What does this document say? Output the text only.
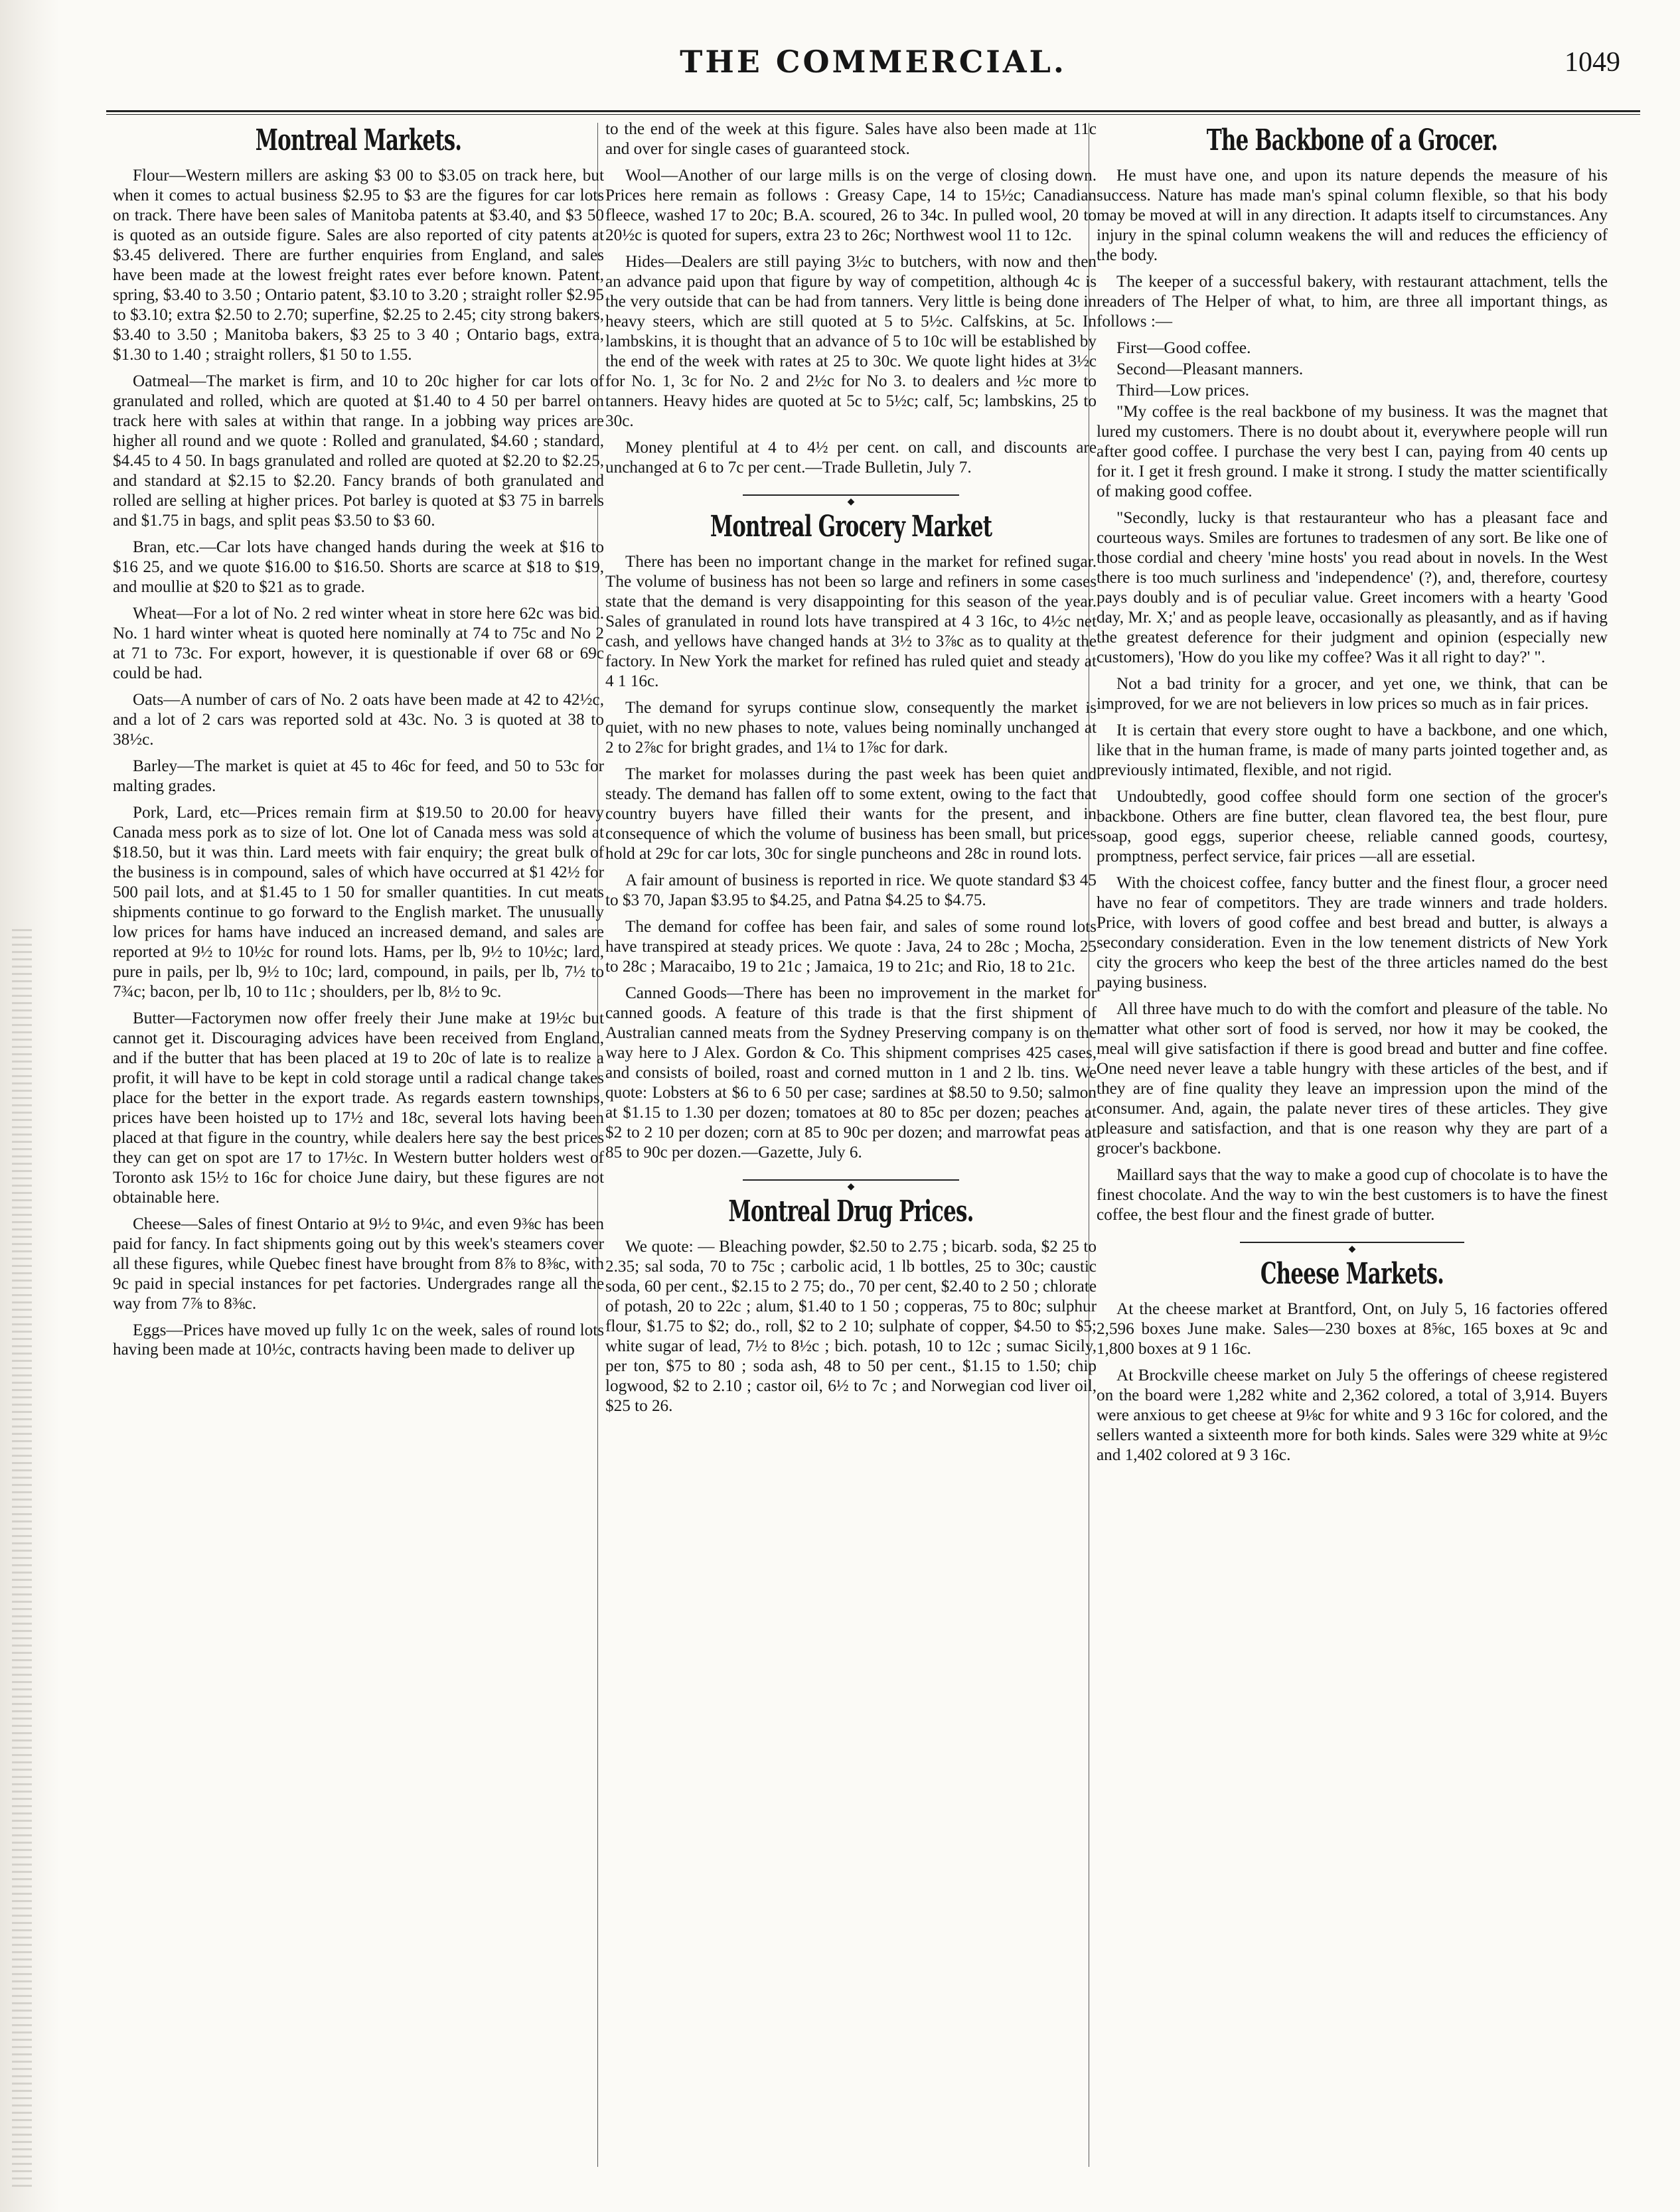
THE COMMERCIAL.	1049
Montreal Markets.

Flour—Western millers are asking $3 00 to $3.05 on track here, but when it comes to actual business $2.95 to $3 are the figures for car lots on track. There have been sales of Manitoba patents at $3.40, and $3 50 is quoted as an outside figure. Sales are also reported of city patents at $3.45 delivered. There are further enquiries from England, and sales have been made at the lowest freight rates ever before known. Patent, spring, $3.40 to 3.50 ; Ontario patent, $3.10 to 3.20 ; straight roller $2.95 to $3.10; extra $2.50 to 2.70; superfine, $2.25 to 2.45; city strong bakers, $3.40 to 3.50 ; Manitoba bakers, $3 25 to 3 40 ; Ontario bags, extra, $1.30 to 1.40 ; straight rollers, $1 50 to 1.55.

Oatmeal—The market is firm, and 10 to 20c higher for car lots of granulated and rolled, which are quoted at $1.40 to 4 50 per barrel on track here with sales at within that range. In a jobbing way prices are higher all round and we quote : Rolled and granulated, $4.60 ; standard, $4.45 to 4 50. In bags granulated and rolled are quoted at $2.20 to $2.25, and standard at $2.15 to $2.20. Fancy brands of both granulated and rolled are selling at higher prices. Pot barley is quoted at $3 75 in barrels and $1.75 in bags, and split peas $3.50 to $3 60.

Bran, etc.—Car lots have changed hands during the week at $16 to $16 25, and we quote $16.00 to $16.50. Shorts are scarce at $18 to $19, and moullie at $20 to $21 as to grade.

Wheat—For a lot of No. 2 red winter wheat in store here 62c was bid. No. 1 hard winter wheat is quoted here nominally at 74 to 75c and No 2 at 71 to 73c. For export, however, it is questionable if over 68 or 69c could be had.

Oats—A number of cars of No. 2 oats have been made at 42 to 42½c, and a lot of 2 cars was reported sold at 43c. No. 3 is quoted at 38 to 38½c.

Barley—The market is quiet at 45 to 46c for feed, and 50 to 53c for malting grades.

Pork, Lard, etc—Prices remain firm at $19.50 to 20.00 for heavy Canada mess pork as to size of lot. One lot of Canada mess was sold at $18.50, but it was thin. Lard meets with fair enquiry; the great bulk of the business is in compound, sales of which have occurred at $1 42½ for 500 pail lots, and at $1.45 to 1 50 for smaller quantities. In cut meats shipments continue to go forward to the English market. The unusually low prices for hams have induced an increased demand, and sales are reported at 9½ to 10½c for round lots. Hams, per lb, 9½ to 10½c; lard, pure in pails, per lb, 9½ to 10c; lard, compound, in pails, per lb, 7½ to 7¾c; bacon, per lb, 10 to 11c ; shoulders, per lb, 8½ to 9c.

Butter—Factorymen now offer freely their June make at 19½c but cannot get it. Discouraging advices have been received from England, and if the butter that has been placed at 19 to 20c of late is to realize a profit, it will have to be kept in cold storage until a radical change takes place for the better in the export trade. As regards eastern townships, prices have been hoisted up to 17½ and 18c, several lots having been placed at that figure in the country, while dealers here say the best prices they can get on spot are 17 to 17½c. In Western butter holders west of Toronto ask 15½ to 16c for choice June dairy, but these figures are not obtainable here.

Cheese—Sales of finest Ontario at 9½ to 9¼c, and even 9⅜c has been paid for fancy. In fact shipments going out by this week's steamers cover all these figures, while Quebec finest have brought from 8⅞ to 8⅜c, with 9c paid in special instances for pet factories. Undergrades range all the way from 7⅞ to 8⅜c.

Eggs—Prices have moved up fully 1c on the week, sales of round lots having been made at 10½c, contracts having been made to deliver up

to the end of the week at this figure. Sales have also been made at 11c and over for single cases of guaranteed stock.

Wool—Another of our large mills is on the verge of closing down. Prices here remain as follows : Greasy Cape, 14 to 15½c; Canadian fleece, washed 17 to 20c; B.A. scoured, 26 to 34c. In pulled wool, 20 to 20½c is quoted for supers, extra 23 to 26c; Northwest wool 11 to 12c.

Hides—Dealers are still paying 3½c to butchers, with now and then an advance paid upon that figure by way of competition, although 4c is the very outside that can be had from tanners. Very little is being done in heavy steers, which are still quoted at 5 to 5½c. Calfskins, at 5c. In lambskins, it is thought that an advance of 5 to 10c will be established by the end of the week with rates at 25 to 30c. We quote light hides at 3½c for No. 1, 3c for No. 2 and 2½c for No 3. to dealers and ½c more to tanners. Heavy hides are quoted at 5c to 5½c; calf, 5c; lambskins, 25 to 30c.

Money plentiful at 4 to 4½ per cent. on call, and discounts are unchanged at 6 to 7c per cent.—Trade Bulletin, July 7.

◆
Montreal Grocery Market

There has been no important change in the market for refined sugar. The volume of business has not been so large and refiners in some cases state that the demand is very disappointing for this season of the year. Sales of granulated in round lots have transpired at 4 3 16c, to 4½c net cash, and yellows have changed hands at 3½ to 3⅞c as to quality at the factory. In New York the market for refined has ruled quiet and steady at 4 1 16c.

The demand for syrups continue slow, consequently the market is quiet, with no new phases to note, values being nominally unchanged at 2 to 2⅞c for bright grades, and 1¼ to 1⅞c for dark.

The market for molasses during the past week has been quiet and steady. The demand has fallen off to some extent, owing to the fact that country buyers have filled their wants for the present, and in consequence of which the volume of business has been small, but prices hold at 29c for car lots, 30c for single puncheons and 28c in round lots.

A fair amount of business is reported in rice. We quote standard $3 45 to $3 70, Japan $3.95 to $4.25, and Patna $4.25 to $4.75.

The demand for coffee has been fair, and sales of some round lots have transpired at steady prices. We quote : Java, 24 to 28c ; Mocha, 25 to 28c ; Maracaibo, 19 to 21c ; Jamaica, 19 to 21c; and Rio, 18 to 21c.

Canned Goods—There has been no improvement in the market for canned goods. A feature of this trade is that the first shipment of Australian canned meats from the Sydney Preserving company is on the way here to J Alex. Gordon & Co. This shipment comprises 425 cases, and consists of boiled, roast and corned mutton in 1 and 2 lb. tins. We quote: Lobsters at $6 to 6 50 per case; sardines at $8.50 to 9.50; salmon at $1.15 to 1.30 per dozen; tomatoes at 80 to 85c per dozen; peaches at $2 to 2 10 per dozen; corn at 85 to 90c per dozen; and marrowfat peas at 85 to 90c per dozen.—Gazette, July 6.

◆
Montreal Drug Prices.

We quote: — Bleaching powder, $2.50 to 2.75 ; bicarb. soda, $2 25 to 2.35; sal soda, 70 to 75c ; carbolic acid, 1 lb bottles, 25 to 30c; caustic soda, 60 per cent., $2.15 to 2 75; do., 70 per cent, $2.40 to 2 50 ; chlorate of potash, 20 to 22c ; alum, $1.40 to 1 50 ; copperas, 75 to 80c; sulphur flour, $1.75 to $2; do., roll, $2 to 2 10; sulphate of copper, $4.50 to $5; white sugar of lead, 7½ to 8½c ; bich. potash, 10 to 12c ; sumac Sicily, per ton, $75 to 80 ; soda ash, 48 to 50 per cent., $1.15 to 1.50; chip logwood, $2 to 2.10 ; castor oil, 6½ to 7c ; and Norwegian cod liver oil, $25 to 26.

The Backbone of a Grocer.

He must have one, and upon its nature depends the measure of his success. Nature has made man's spinal column flexible, so that his body may be moved at will in any direction. It adapts itself to circumstances. Any injury in the spinal column weakens the will and reduces the efficiency of the body.

The keeper of a successful bakery, with restaurant attachment, tells the readers of The Helper of what, to him, are three all important things, as follows :—

First—Good coffee.

Second—Pleasant manners.

Third—Low prices.

"My coffee is the real backbone of my business. It was the magnet that lured my customers. There is no doubt about it, everywhere people will run after good coffee. I purchase the very best I can, paying from 40 cents up for it. I get it fresh ground. I make it strong. I study the matter scientifically of making good coffee.

"Secondly, lucky is that restauranteur who has a pleasant face and courteous ways. Smiles are fortunes to tradesmen of any sort. Be like one of those cordial and cheery 'mine hosts' you read about in novels. In the West there is too much surliness and 'independence' (?), and, therefore, courtesy pays doubly and is of peculiar value. Greet incomers with a hearty 'Good day, Mr. X;' and as people leave, occasionally as pleasantly, and as if having the greatest deference for their judgment and opinion (especially new customers), 'How do you like my coffee? Was it all right to day?' ".

Not a bad trinity for a grocer, and yet one, we think, that can be improved, for we are not believers in low prices so much as in fair prices.

It is certain that every store ought to have a backbone, and one which, like that in the human frame, is made of many parts jointed together and, as previously intimated, flexible, and not rigid.

Undoubtedly, good coffee should form one section of the grocer's backbone. Others are fine butter, clean flavored tea, the best flour, pure soap, good eggs, superior cheese, reliable canned goods, courtesy, promptness, perfect service, fair prices —all are essetial.

With the choicest coffee, fancy butter and the finest flour, a grocer need have no fear of competitors. They are trade winners and trade holders. Price, with lovers of good coffee and best bread and butter, is always a secondary consideration. Even in the low tenement districts of New York city the grocers who keep the best of the three articles named do the best paying business.

All three have much to do with the comfort and pleasure of the table. No matter what other sort of food is served, nor how it may be cooked, the meal will give satisfaction if there is good bread and butter and fine coffee. One need never leave a table hungry with these articles of the best, and if they are of fine quality they leave an impression upon the mind of the consumer. And, again, the palate never tires of these articles. They give pleasure and satisfaction, and that is one reason why they are part of a grocer's backbone.

Maillard says that the way to make a good cup of chocolate is to have the finest chocolate. And the way to win the best customers is to have the finest coffee, the best flour and the finest grade of butter.

◆
Cheese Markets.

At the cheese market at Brantford, Ont, on July 5, 16 factories offered 2,596 boxes June make. Sales—230 boxes at 8⅝c, 165 boxes at 9c and 1,800 boxes at 9 1 16c.

At Brockville cheese market on July 5 the offerings of cheese registered on the board were 1,282 white and 2,362 colored, a total of 3,914. Buyers were anxious to get cheese at 9⅛c for white and 9 3 16c for colored, and the sellers wanted a sixteenth more for both kinds. Sales were 329 white at 9½c and 1,402 colored at 9 3 16c.
